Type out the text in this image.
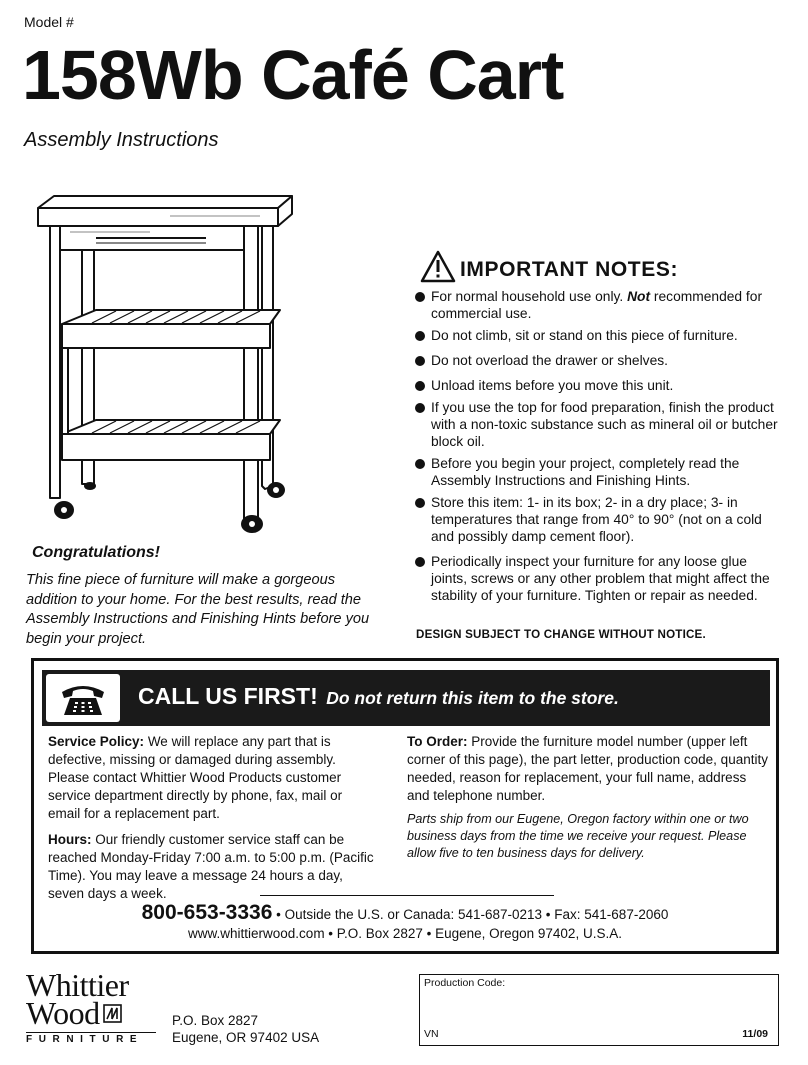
Model #
158Wb Café Cart
Assembly Instructions
Congratulations!
This fine piece of furniture will make a gorgeous addition to your home. For the best results, read the Assembly Instructions and Finishing Hints before you begin your project.
IMPORTANT NOTES:
For normal household use only. Not recommended for commercial use.
Do not climb, sit or stand on this piece of furniture.
Do not overload the drawer or shelves.
Unload items before you move this unit.
If you use the top for food preparation, finish the product with a non-toxic substance such as mineral oil or butcher block oil.
Before you begin your project, completely read the Assembly Instructions and Finishing Hints.
Store this item: 1- in its box; 2- in a dry place; 3- in temperatures that range from 40° to 90° (not on a cold and possibly damp cement floor).
Periodically inspect your furniture for any loose glue joints, screws or any other problem that might affect the stability of your furniture. Tighten or repair as needed.
DESIGN SUBJECT TO CHANGE WITHOUT NOTICE.
CALL US FIRST! Do not return this item to the store.

Service Policy: We will replace any part that is defective, missing or damaged during assembly. Please contact Whittier Wood Products customer service department directly by phone, fax, mail or email for a replacement part.

Hours: Our friendly customer service staff can be reached Monday-Friday 7:00 a.m. to 5:00 p.m. (Pacific Time). You may leave a message 24 hours a day, seven days a week.

To Order: Provide the furniture model number (upper left corner of this page), the part letter, production code, quantity needed, reason for replacement, your full name, address and telephone number.

Parts ship from our Eugene, Oregon factory within one or two business days from the time we receive your request. Please allow five to ten business days for delivery.

800-653-3336 • Outside the U.S. or Canada: 541-687-0213 • Fax: 541-687-2060
www.whittierwood.com • P.O. Box 2827 • Eugene, Oregon 97402, U.S.A.
Whittier
Wood
FURNITURE
P.O. Box 2827
Eugene, OR 97402 USA
Production Code:
VN	11/09
